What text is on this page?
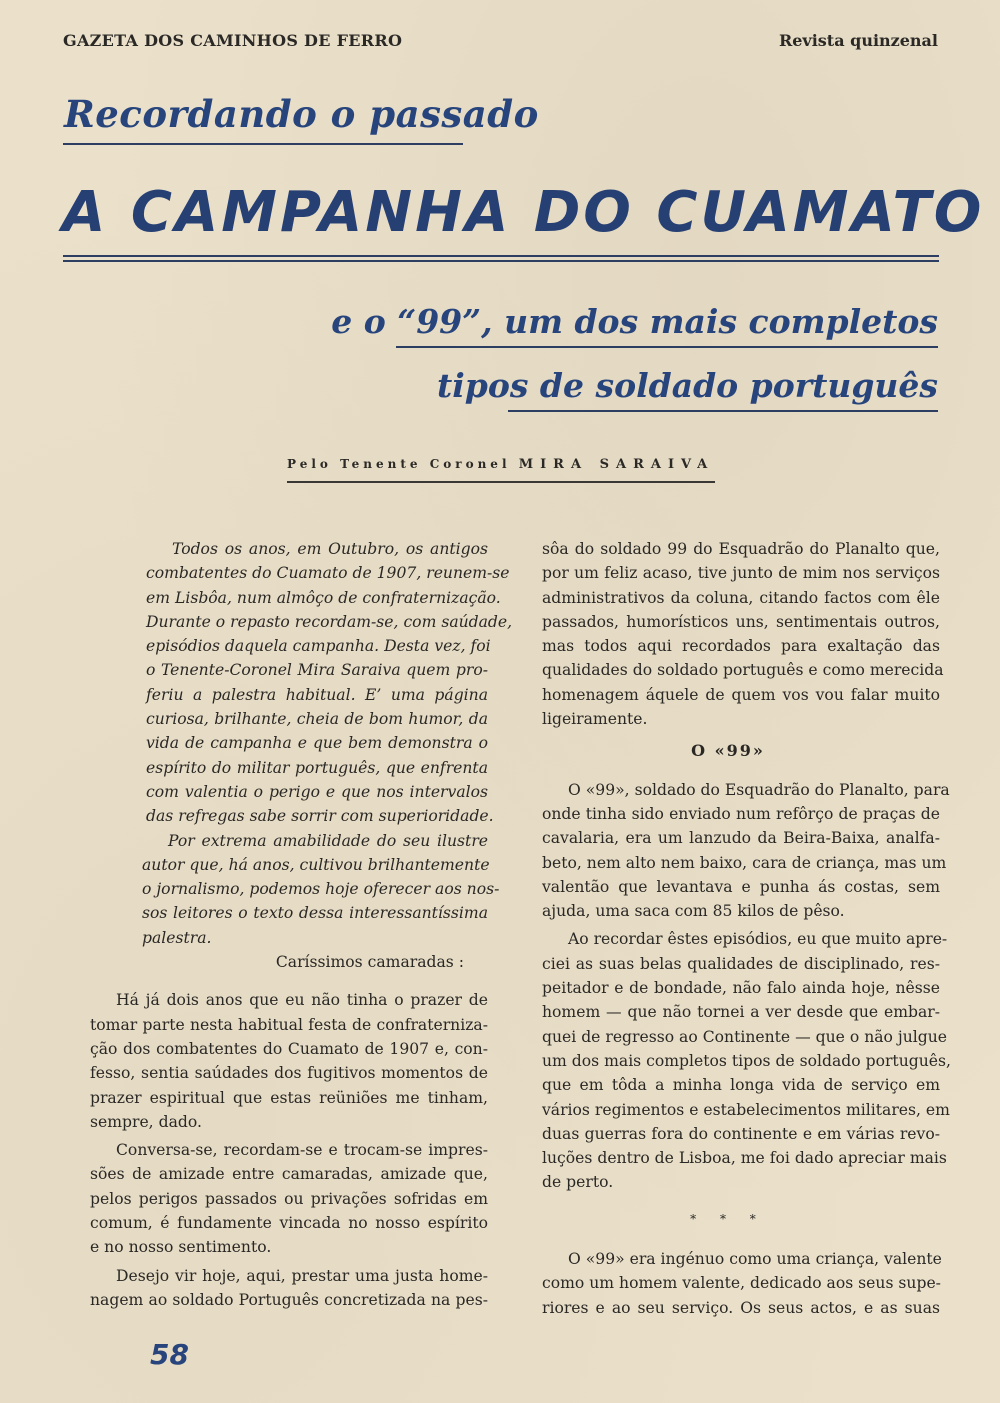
GAZETA DOS CAMINHOS DE FERRO	Revista quinzenal
Recordando o passado
A CAMPANHA DO CUAMATO
e o “99”, um dos mais completos
tipos de soldado português
Pelo Tenente Coronel MIRA SARAIVA

Todos os anos, em Outubro, os antigos
combatentes do Cuamato de 1907, reunem-se
em Lisbôa, num almôço de confraternização.
Durante o repasto recordam-se, com saúdade,
episódios daquela campanha. Desta vez, foi
o Tenente-Coronel Mira Saraiva quem pro-
feriu a palestra habitual. E’ uma página
curiosa, brilhante, cheia de bom humor, da
vida de campanha e que bem demonstra o
espírito do militar português, que enfrenta
com valentia o perigo e que nos intervalos
das refregas sabe sorrir com superioridade.

Por extrema amabilidade do seu ilustre
autor que, há anos, cultivou brilhantemente
o jornalismo, podemos hoje oferecer aos nos-
sos leitores o texto dessa interessantíssima
palestra.

Caríssimos camaradas :

Há já dois anos que eu não tinha o prazer de
tomar parte nesta habitual festa de confraterniza-
ção dos combatentes do Cuamato de 1907 e, con-
fesso, sentia saúdades dos fugitivos momentos de
prazer espiritual que estas reüniões me tinham,
sempre, dado.

Conversa-se, recordam-se e trocam-se impres-
sões de amizade entre camaradas, amizade que,
pelos perigos passados ou privações sofridas em
comum, é fundamente vincada no nosso espírito
e no nosso sentimento.

Desejo vir hoje, aqui, prestar uma justa home-
nagem ao soldado Português concretizada na pes-

sôa do soldado 99 do Esquadrão do Planalto que,
por um feliz acaso, tive junto de mim nos serviços
administrativos da coluna, citando factos com êle
passados, humorísticos uns, sentimentais outros,
mas todos aqui recordados para exaltação das
qualidades do soldado português e como merecida
homenagem áquele de quem vos vou falar muito
ligeiramente.

O «99»

O «99», soldado do Esquadrão do Planalto, para
onde tinha sido enviado num refôrço de praças de
cavalaria, era um lanzudo da Beira-Baixa, analfa-
beto, nem alto nem baixo, cara de criança, mas um
valentão que levantava e punha ás costas, sem
ajuda, uma saca com 85 kilos de pêso.

Ao recordar êstes episódios, eu que muito apre-
ciei as suas belas qualidades de disciplinado, res-
peitador e de bondade, não falo ainda hoje, nêsse
homem — que não tornei a ver desde que embar-
quei de regresso ao Continente — que o não julgue
um dos mais completos tipos de soldado português,
que em tôda a minha longa vida de serviço em
vários regimentos e estabelecimentos militares, em
duas guerras fora do continente e em várias revo-
luções dentro de Lisboa, me foi dado apreciar mais
de perto.

* * *

O «99» era ingénuo como uma criança, valente
como um homem valente, dedicado aos seus supe-
riores e ao seu serviço. Os seus actos, e as suas

58
